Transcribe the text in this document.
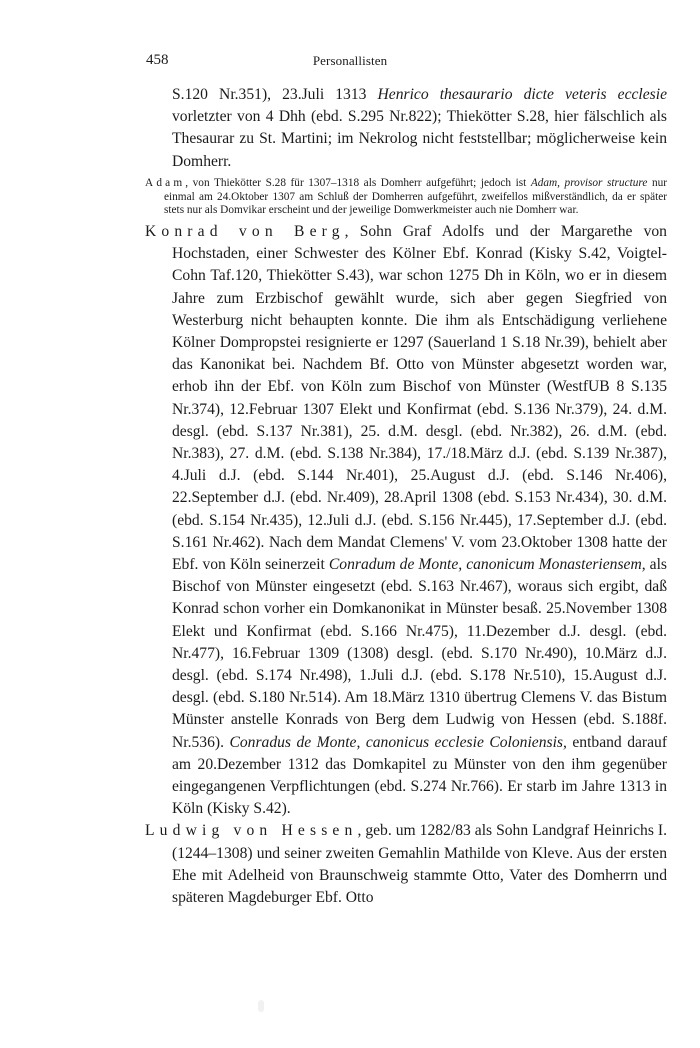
458	Personallisten

S.120 Nr.351), 23.Juli 1313 Henrico thesaurario dicte veteris ecclesie vorletzter von 4 Dhh (ebd. S.295 Nr.822); Thiekötter S.28, hier fälschlich als Thesaurar zu St. Martini; im Nekrolog nicht feststellbar; möglicherweise kein Domherr.

Adam, von Thiekötter S.28 für 1307–1318 als Domherr aufgeführt; jedoch ist Adam, provisor structure nur einmal am 24.Oktober 1307 am Schluß der Domherren aufgeführt, zweifellos mißverständlich, da er später stets nur als Domvikar erscheint und der jeweilige Domwerkmeister auch nie Domherr war.

Konrad von Berg, Sohn Graf Adolfs und der Margarethe von Hochstaden, einer Schwester des Kölner Ebf. Konrad (Kisky S.42, Voigtel-Cohn Taf.120, Thiekötter S.43), war schon 1275 Dh in Köln, wo er in diesem Jahre zum Erzbischof gewählt wurde, sich aber gegen Siegfried von Westerburg nicht behaupten konnte. Die ihm als Entschädigung verliehene Kölner Dompropstei resignierte er 1297 (Sauerland 1 S.18 Nr.39), behielt aber das Kanonikat bei. Nachdem Bf. Otto von Münster abgesetzt worden war, erhob ihn der Ebf. von Köln zum Bischof von Münster (WestfUB 8 S.135 Nr.374), 12.Februar 1307 Elekt und Konfirmat (ebd. S.136 Nr.379), 24. d.M. desgl. (ebd. S.137 Nr.381), 25. d.M. desgl. (ebd. Nr.382), 26. d.M. (ebd. Nr.383), 27. d.M. (ebd. S.138 Nr.384), 17./18.März d.J. (ebd. S.139 Nr.387), 4.Juli d.J. (ebd. S.144 Nr.401), 25.August d.J. (ebd. S.146 Nr.406), 22.September d.J. (ebd. Nr.409), 28.April 1308 (ebd. S.153 Nr.434), 30. d.M. (ebd. S.154 Nr.435), 12.Juli d.J. (ebd. S.156 Nr.445), 17.September d.J. (ebd. S.161 Nr.462). Nach dem Mandat Clemens' V. vom 23.Oktober 1308 hatte der Ebf. von Köln seinerzeit Conradum de Monte, canonicum Monasteriensem, als Bischof von Münster eingesetzt (ebd. S.163 Nr.467), woraus sich ergibt, daß Konrad schon vorher ein Domkanonikat in Münster besaß. 25.November 1308 Elekt und Konfirmat (ebd. S.166 Nr.475), 11.Dezember d.J. desgl. (ebd. Nr.477), 16.Februar 1309 (1308) desgl. (ebd. S.170 Nr.490), 10.März d.J. desgl. (ebd. S.174 Nr.498), 1.Juli d.J. (ebd. S.178 Nr.510), 15.August d.J. desgl. (ebd. S.180 Nr.514). Am 18.März 1310 übertrug Clemens V. das Bistum Münster anstelle Konrads von Berg dem Ludwig von Hessen (ebd. S.188f. Nr.536). Conradus de Monte, canonicus ecclesie Coloniensis, entband darauf am 20.Dezember 1312 das Domkapitel zu Münster von den ihm gegenüber eingegangenen Verpflichtungen (ebd. S.274 Nr.766). Er starb im Jahre 1313 in Köln (Kisky S.42).

Ludwig von Hessen, geb. um 1282/83 als Sohn Landgraf Heinrichs I. (1244–1308) und seiner zweiten Gemahlin Mathilde von Kleve. Aus der ersten Ehe mit Adelheid von Braunschweig stammte Otto, Vater des Domherrn und späteren Magdeburger Ebf. Otto
